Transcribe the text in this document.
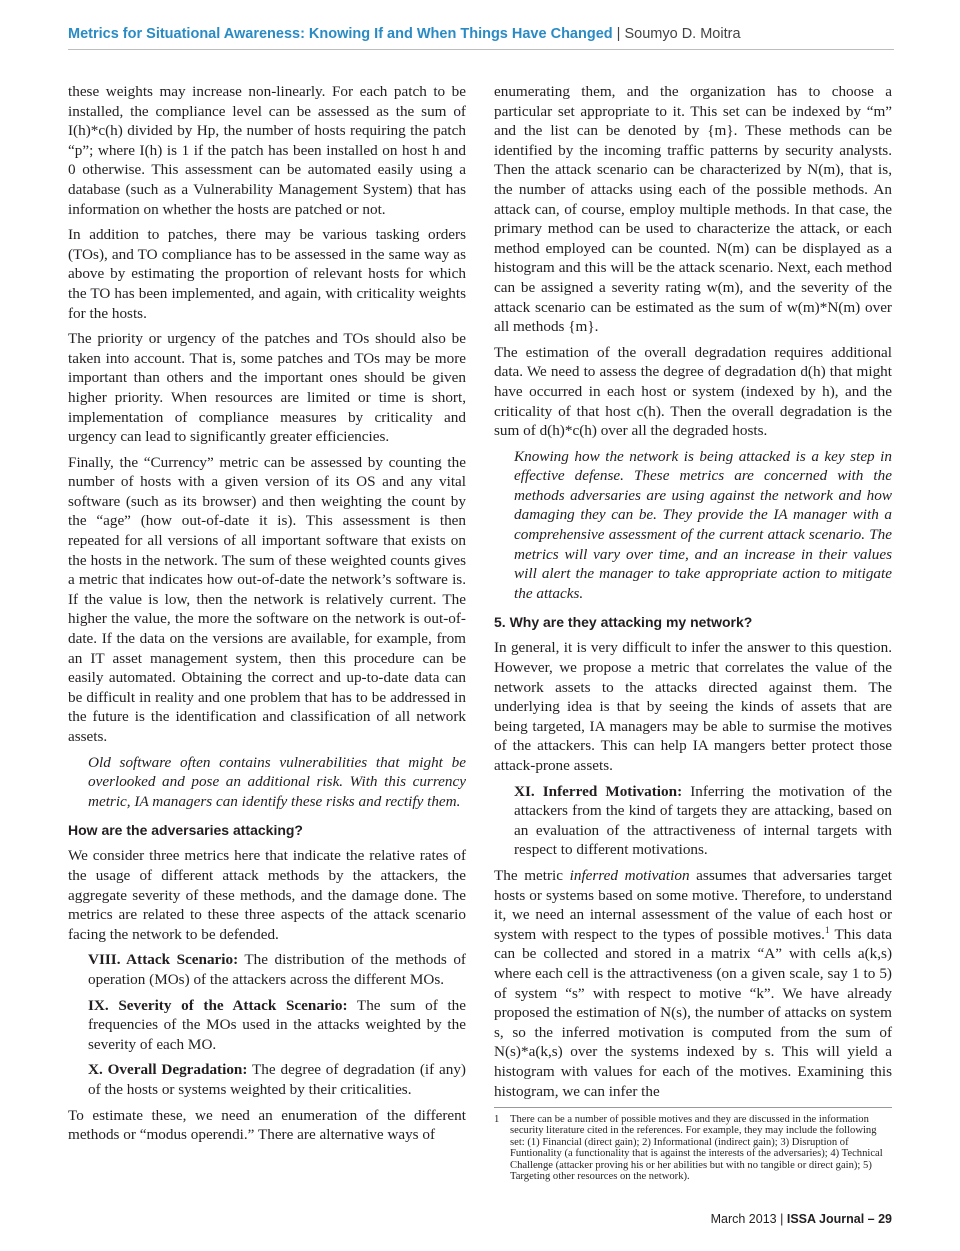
Metrics for Situational Awareness: Knowing If and When Things Have Changed | Soumyo D. Moitra

these weights may increase non-linearly. For each patch to be installed, the compliance level can be assessed as the sum of I(h)*c(h) divided by Hp, the number of hosts requiring the patch “p”; where I(h) is 1 if the patch has been installed on host h and 0 otherwise. This assessment can be automated easily using a database (such as a Vulnerability Management System) that has information on whether the hosts are patched or not.

In addition to patches, there may be various tasking orders (TOs), and TO compliance has to be assessed in the same way as above by estimating the proportion of relevant hosts for which the TO has been implemented, and again, with criticality weights for the hosts.

The priority or urgency of the patches and TOs should also be taken into account. That is, some patches and TOs may be more important than others and the important ones should be given higher priority. When resources are limited or time is short, implementation of compliance measures by criticality and urgency can lead to significantly greater efficiencies.

Finally, the “Currency” metric can be assessed by counting the number of hosts with a given version of its OS and any vital software (such as its browser) and then weighting the count by the “age” (how out-of-date it is). This assessment is then repeated for all versions of all important software that exists on the hosts in the network. The sum of these weighted counts gives a metric that indicates how out-of-date the network’s software is. If the value is low, then the network is relatively current. The higher the value, the more the software on the network is out-of-date. If the data on the versions are available, for example, from an IT asset management system, then this procedure can be easily automated. Obtaining the correct and up-to-date data can be difficult in reality and one problem that has to be addressed in the future is the identification and classification of all network assets.

Old software often contains vulnerabilities that might be overlooked and pose an additional risk. With this currency metric, IA managers can identify these risks and rectify them.

How are the adversaries attacking?

We consider three metrics here that indicate the relative rates of the usage of different attack methods by the attackers, the aggregate severity of these methods, and the damage done. The metrics are related to these three aspects of the attack scenario facing the network to be defended.

VIII. Attack Scenario: The distribution of the methods of operation (MOs) of the attackers across the different MOs.

IX. Severity of the Attack Scenario: The sum of the frequencies of the MOs used in the attacks weighted by the severity of each MO.

X. Overall Degradation: The degree of degradation (if any) of the hosts or systems weighted by their criticalities.

To estimate these, we need an enumeration of the different methods or “modus operendi.” There are alternative ways of

enumerating them, and the organization has to choose a particular set appropriate to it. This set can be indexed by “m” and the list can be denoted by {m}. These methods can be identified by the incoming traffic patterns by security analysts. Then the attack scenario can be characterized by N(m), that is, the number of attacks using each of the possible methods. An attack can, of course, employ multiple methods. In that case, the primary method can be used to characterize the attack, or each method employed can be counted. N(m) can be displayed as a histogram and this will be the attack scenario. Next, each method can be assigned a severity rating w(m), and the severity of the attack scenario can be estimated as the sum of w(m)*N(m) over all methods {m}.

The estimation of the overall degradation requires additional data. We need to assess the degree of degradation d(h) that might have occurred in each host or system (indexed by h), and the criticality of that host c(h). Then the overall degradation is the sum of d(h)*c(h) over all the degraded hosts.

Knowing how the network is being attacked is a key step in effective defense. These metrics are concerned with the methods adversaries are using against the network and how damaging they can be. They provide the IA manager with a comprehensive assessment of the current attack scenario. The metrics will vary over time, and an increase in their values will alert the manager to take appropriate action to mitigate the attacks.

5. Why are they attacking my network?

In general, it is very difficult to infer the answer to this question. However, we propose a metric that correlates the value of the network assets to the attacks directed against them. The underlying idea is that by seeing the kinds of assets that are being targeted, IA managers may be able to surmise the motives of the attackers. This can help IA mangers better protect those attack-prone assets.

XI. Inferred Motivation: Inferring the motivation of the attackers from the kind of targets they are attacking, based on an evaluation of the attractiveness of internal targets with respect to different motivations.

The metric inferred motivation assumes that adversaries target hosts or systems based on some motive. Therefore, to understand it, we need an internal assessment of the value of each host or system with respect to the types of possible motives.$^1$ This data can be collected and stored in a matrix “A” with cells a(k,s) where each cell is the attractiveness (on a given scale, say 1 to 5) of system “s” with respect to motive “k”. We have already proposed the estimation of N(s), the number of attacks on system s, so the inferred motivation is computed from the sum of N(s)*a(k,s) over the systems indexed by s. This will yield a histogram with values for each of the motives. Examining this histogram, we can infer the

1	There can be a number of possible motives and they are discussed in the information security literature cited in the references. For example, they may include the following set: (1) Financial (direct gain); 2) Informational (indirect gain); 3) Disruption of Funtionality (a functionality that is against the interests of the adversaries); 4) Technical Challenge (attacker proving his or her abilities but with no tangible or direct gain); 5) Targeting other resources on the network).
March 2013 | ISSA Journal – 29
